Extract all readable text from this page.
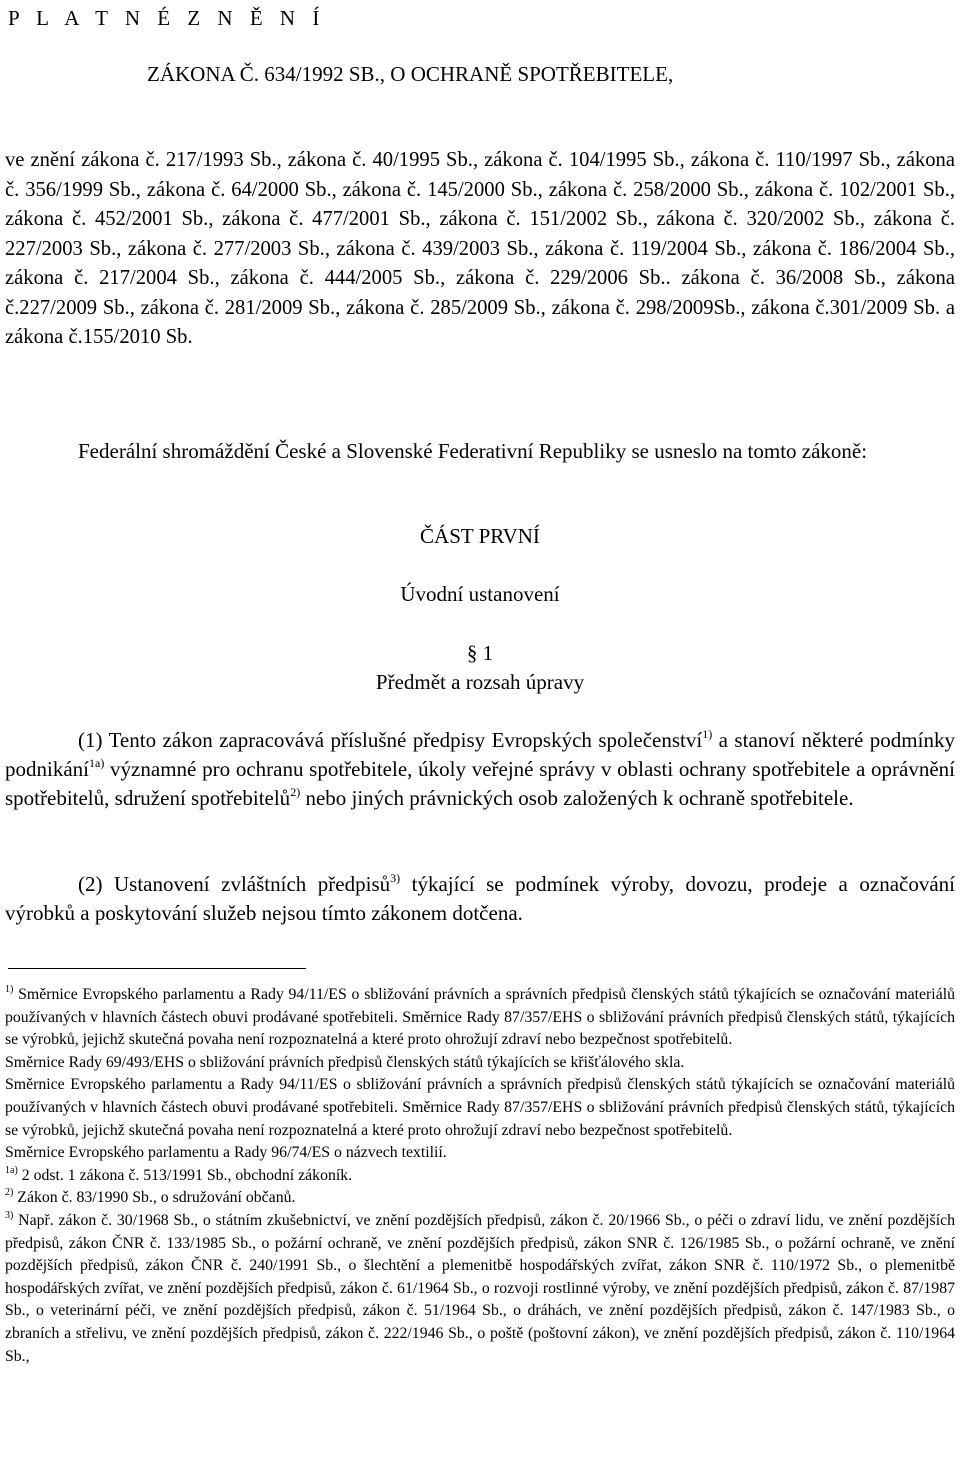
P L A T N É Z N Ě N Í
ZÁKONA Č. 634/1992 SB., O OCHRANĚ SPOTŘEBITELE,

ve znění zákona č. 217/1993 Sb., zákona č. 40/1995 Sb., zákona č. 104/1995 Sb., zákona č. 110/1997 Sb., zákona č. 356/1999 Sb., zákona č. 64/2000 Sb., zákona č. 145/2000 Sb., zákona č. 258/2000 Sb., zákona č. 102/2001 Sb., zákona č. 452/2001 Sb., zákona č. 477/2001 Sb., zákona č. 151/2002 Sb., zákona č. 320/2002 Sb., zákona č. 227/2003 Sb., zákona č. 277/2003 Sb., zákona č. 439/2003 Sb., zákona č. 119/2004 Sb., zákona č. 186/2004 Sb., zákona č. 217/2004 Sb., zákona č. 444/2005 Sb., zákona č. 229/2006 Sb.. zákona č. 36/2008 Sb., zákona č.227/2009 Sb., zákona č. 281/2009 Sb., zákona č. 285/2009 Sb., zákona č. 298/2009Sb., zákona č.301/2009 Sb. a zákona č.155/2010 Sb.

Federální shromáždění České a Slovenské Federativní Republiky se usneslo na tomto zákoně:

ČÁST PRVNÍ

Úvodní ustanovení

§ 1

Předmět a rozsah úpravy

(1) Tento zákon zapracovává příslušné předpisy Evropských společenství$^{1)}$ a stanoví některé podmínky podnikání$^{1a)}$ významné pro ochranu spotřebitele, úkoly veřejné správy v oblasti ochrany spotřebitele a oprávnění spotřebitelů, sdružení spotřebitelů$^{2)}$ nebo jiných právnických osob založených k ochraně spotřebitele.

(2) Ustanovení zvláštních předpisů$^{3)}$ týkající se podmínek výroby, dovozu, prodeje a označování výrobků a poskytování služeb nejsou tímto zákonem dotčena.

$^{1)}$ Směrnice Evropského parlamentu a Rady 94/11/ES o sbližování právních a správních předpisů členských států týkajících se označování materiálů používaných v hlavních částech obuvi prodávané spotřebiteli. Směrnice Rady 87/357/EHS o sbližování právních předpisů členských států, týkajících se výrobků, jejichž skutečná povaha není rozpoznatelná a které proto ohrožují zdraví nebo bezpečnost spotřebitelů.

Směrnice Rady 69/493/EHS o sbližování právních předpisů členských států týkajících se křišťálového skla.

Směrnice Evropského parlamentu a Rady 94/11/ES o sbližování právních a správních předpisů členských států týkajících se označování materiálů používaných v hlavních částech obuvi prodávané spotřebiteli. Směrnice Rady 87/357/EHS o sbližování právních předpisů členských států, týkajících se výrobků, jejichž skutečná povaha není rozpoznatelná a které proto ohrožují zdraví nebo bezpečnost spotřebitelů.

Směrnice Evropského parlamentu a Rady 96/74/ES o názvech textilií.

$^{1a)}$ 2 odst. 1 zákona č. 513/1991 Sb., obchodní zákoník.

$^{2)}$ Zákon č. 83/1990 Sb., o sdružování občanů.

$^{3)}$ Např. zákon č. 30/1968 Sb., o státním zkušebnictví, ve znění pozdějších předpisů, zákon č. 20/1966 Sb., o péči o zdraví lidu, ve znění pozdějších předpisů, zákon ČNR č. 133/1985 Sb., o požární ochraně, ve znění pozdějších předpisů, zákon SNR č. 126/1985 Sb., o požární ochraně, ve znění pozdějších předpisů, zákon ČNR č. 240/1991 Sb., o šlechtění a plemenitbě hospodářských zvířat, zákon SNR č. 110/1972 Sb., o plemenitbě hospodářských zvířat, ve znění pozdějších předpisů, zákon č. 61/1964 Sb., o rozvoji rostlinné výroby, ve znění pozdějších předpisů, zákon č. 87/1987 Sb., o veterinární péči, ve znění pozdějších předpisů, zákon č. 51/1964 Sb., o dráhách, ve znění pozdějších předpisů, zákon č. 147/1983 Sb., o zbraních a střelivu, ve znění pozdějších předpisů, zákon č. 222/1946 Sb., o poště (poštovní zákon), ve znění pozdějších předpisů, zákon č. 110/1964 Sb.,
